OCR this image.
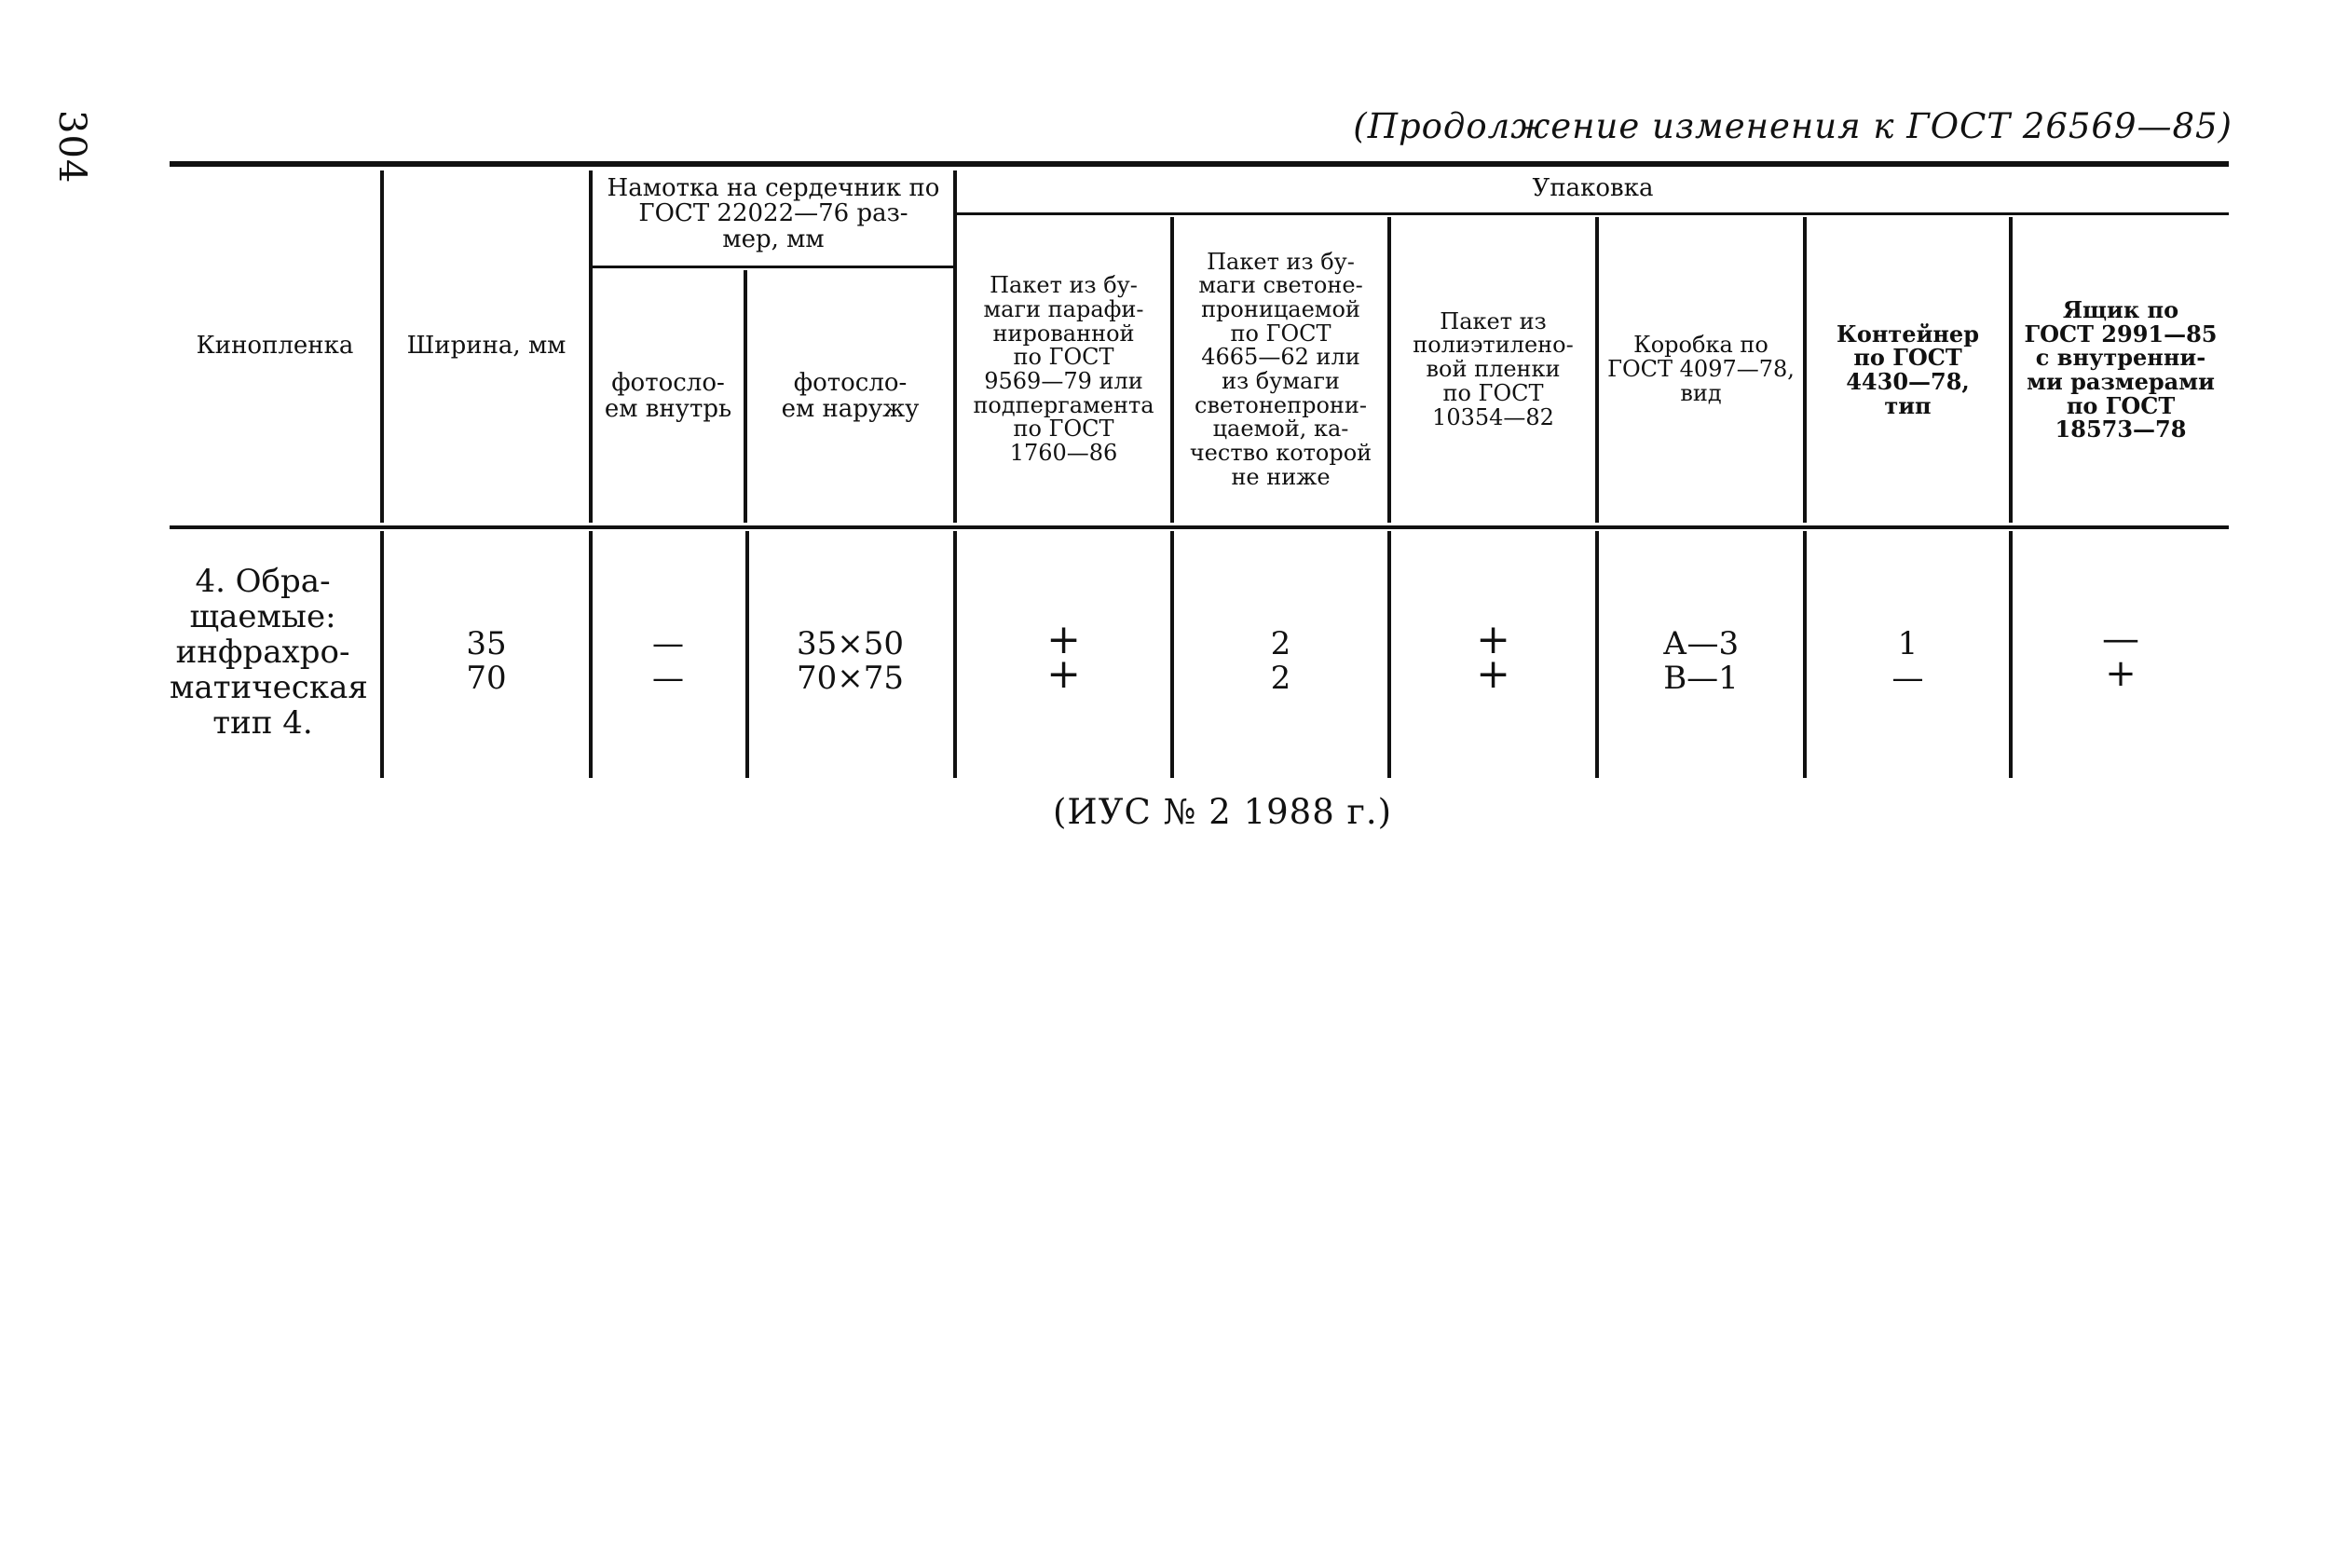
304	(Продолжение изменения к ГОСТ 26569—85)
Кинопленка Ширина, мм
Намотка на сердечник по ГОСТ 22022—76 раз-
мер, мм
фотосло-
ем внутрь
фотосло-
ем наружу
Упаковка
Пакет из бу-
маги парафи-
нированной
по ГОСТ
9569—79 или
подпергамента
по ГОСТ
1760—86
Пакет из бу-
маги светоне-
проницаемой
по ГОСТ
4665—62 или
из бумаги
светонепрони-
цаемой, ка-
чество которой
не ниже
Пакет из
полиэтилено-
вой пленки
по ГОСТ
10354—82
Коробка по
ГОСТ 4097—78,
вид
Контейнер
по ГОСТ
4430—78,
тип
Ящик по
ГОСТ 2991—85
с внутренни-
ми размерами
по ГОСТ
18573—78
4. Обра-
щаемые:
инфрахро-
матическая
тип 4.
35
70
—
—
35×50
70×75
+
+
2
2
+
+
А—3
В—1
1
—
—
+
(ИУС № 2 1988 г.)
